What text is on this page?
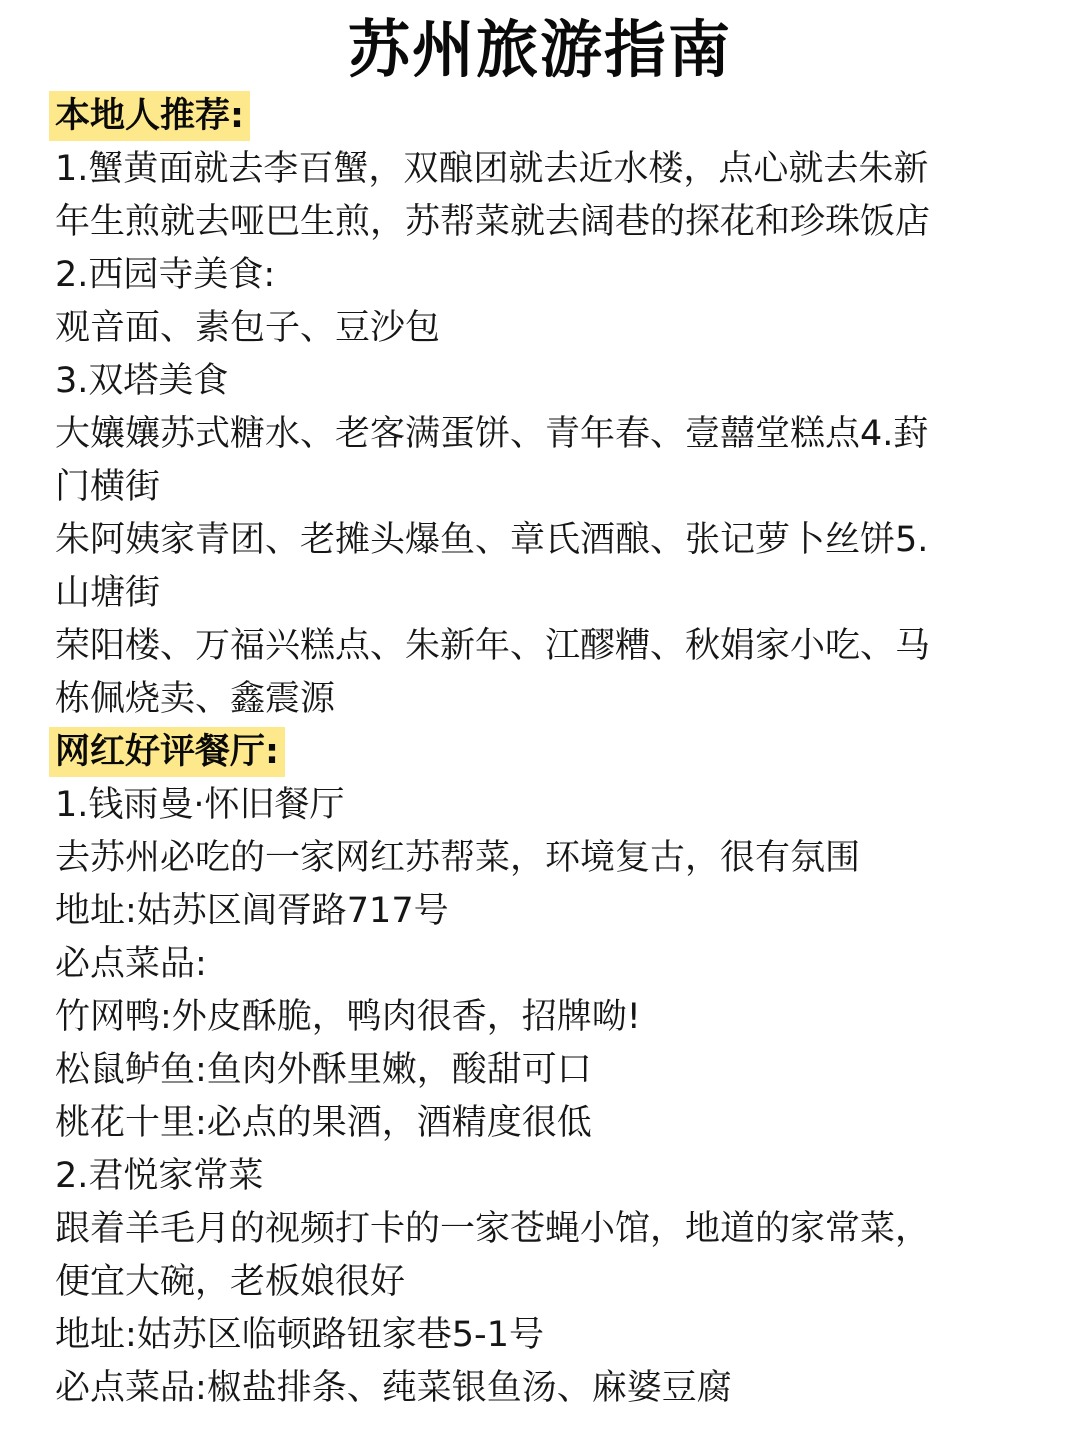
苏州旅游指南
本地人推荐:
1.蟹黄面就去李百蟹，双酿团就去近水楼，点心就去朱新
年生煎就去哑巴生煎，苏帮菜就去阔巷的探花和珍珠饭店
2.西园寺美食:
观音面、素包子、豆沙包
3.双塔美食
大孃孃苏式糖水、老客满蛋饼、青年春、壹囍堂糕点4.葑
门横街
朱阿姨家青团、老摊头爆鱼、章氏酒酿、张记萝卜丝饼5.
山塘街
荣阳楼、万福兴糕点、朱新年、江醪糟、秋娟家小吃、马
栋佩烧卖、鑫震源
网红好评餐厅:
1.钱雨曼·怀旧餐厅
去苏州必吃的一家网红苏帮菜，环境复古，很有氛围
地址:姑苏区阊胥路717号
必点菜品:
竹网鸭:外皮酥脆，鸭肉很香，招牌呦!
松鼠鲈鱼:鱼肉外酥里嫩，酸甜可口
桃花十里:必点的果酒，酒精度很低
2.君悦家常菜
跟着羊毛月的视频打卡的一家苍蝇小馆，地道的家常菜，
便宜大碗，老板娘很好
地址:姑苏区临顿路钮家巷5-1号
必点菜品:椒盐排条、莼菜银鱼汤、麻婆豆腐
